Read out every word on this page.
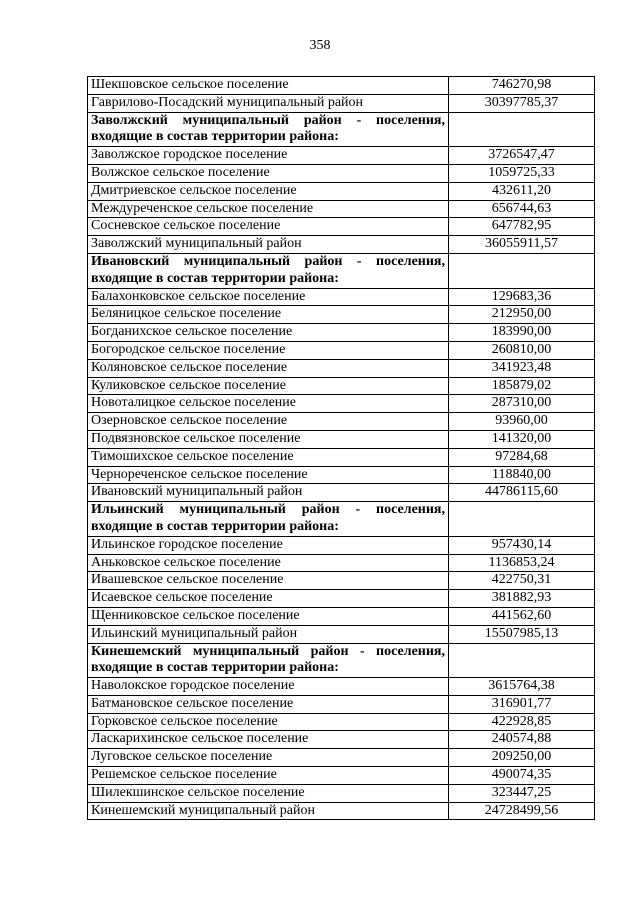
358
Шекшовское сельское поселение	746270,98
Гаврилово-Посадский муниципальный район	30397785,37
Заволжский муниципальный район - поселения, входящие в состав территории района:	
Заволжское городское поселение	3726547,47
Волжское сельское поселение	1059725,33
Дмитриевское сельское поселение	432611,20
Междуреченское сельское поселение	656744,63
Сосневское сельское поселение	647782,95
Заволжский муниципальный район	36055911,57
Ивановский муниципальный район - поселения, входящие в состав территории района:	
Балахонковское сельское поселение	129683,36
Беляницкое сельское поселение	212950,00
Богданихское сельское поселение	183990,00
Богородское сельское поселение	260810,00
Коляновское сельское поселение	341923,48
Куликовское сельское поселение	185879,02
Новоталицкое сельское поселение	287310,00
Озерновское сельское поселение	93960,00
Подвязновское сельское поселение	141320,00
Тимошихское сельское поселение	97284,68
Чернореченское сельское поселение	118840,00
Ивановский муниципальный район	44786115,60
Ильинский муниципальный район - поселения, входящие в состав территории района:	
Ильинское городское поселение	957430,14
Аньковское сельское поселение	1136853,24
Ивашевское сельское поселение	422750,31
Исаевское сельское поселение	381882,93
Щенниковское сельское поселение	441562,60
Ильинский муниципальный район	15507985,13
Кинешемский муниципальный район - поселения, входящие в состав территории района:	
Наволокское городское поселение	3615764,38
Батмановское сельское поселение	316901,77
Горковское сельское поселение	422928,85
Ласкарихинское сельское поселение	240574,88
Луговское сельское поселение	209250,00
Решемское сельское поселение	490074,35
Шилекшинское сельское поселение	323447,25
Кинешемский муниципальный район	24728499,56
